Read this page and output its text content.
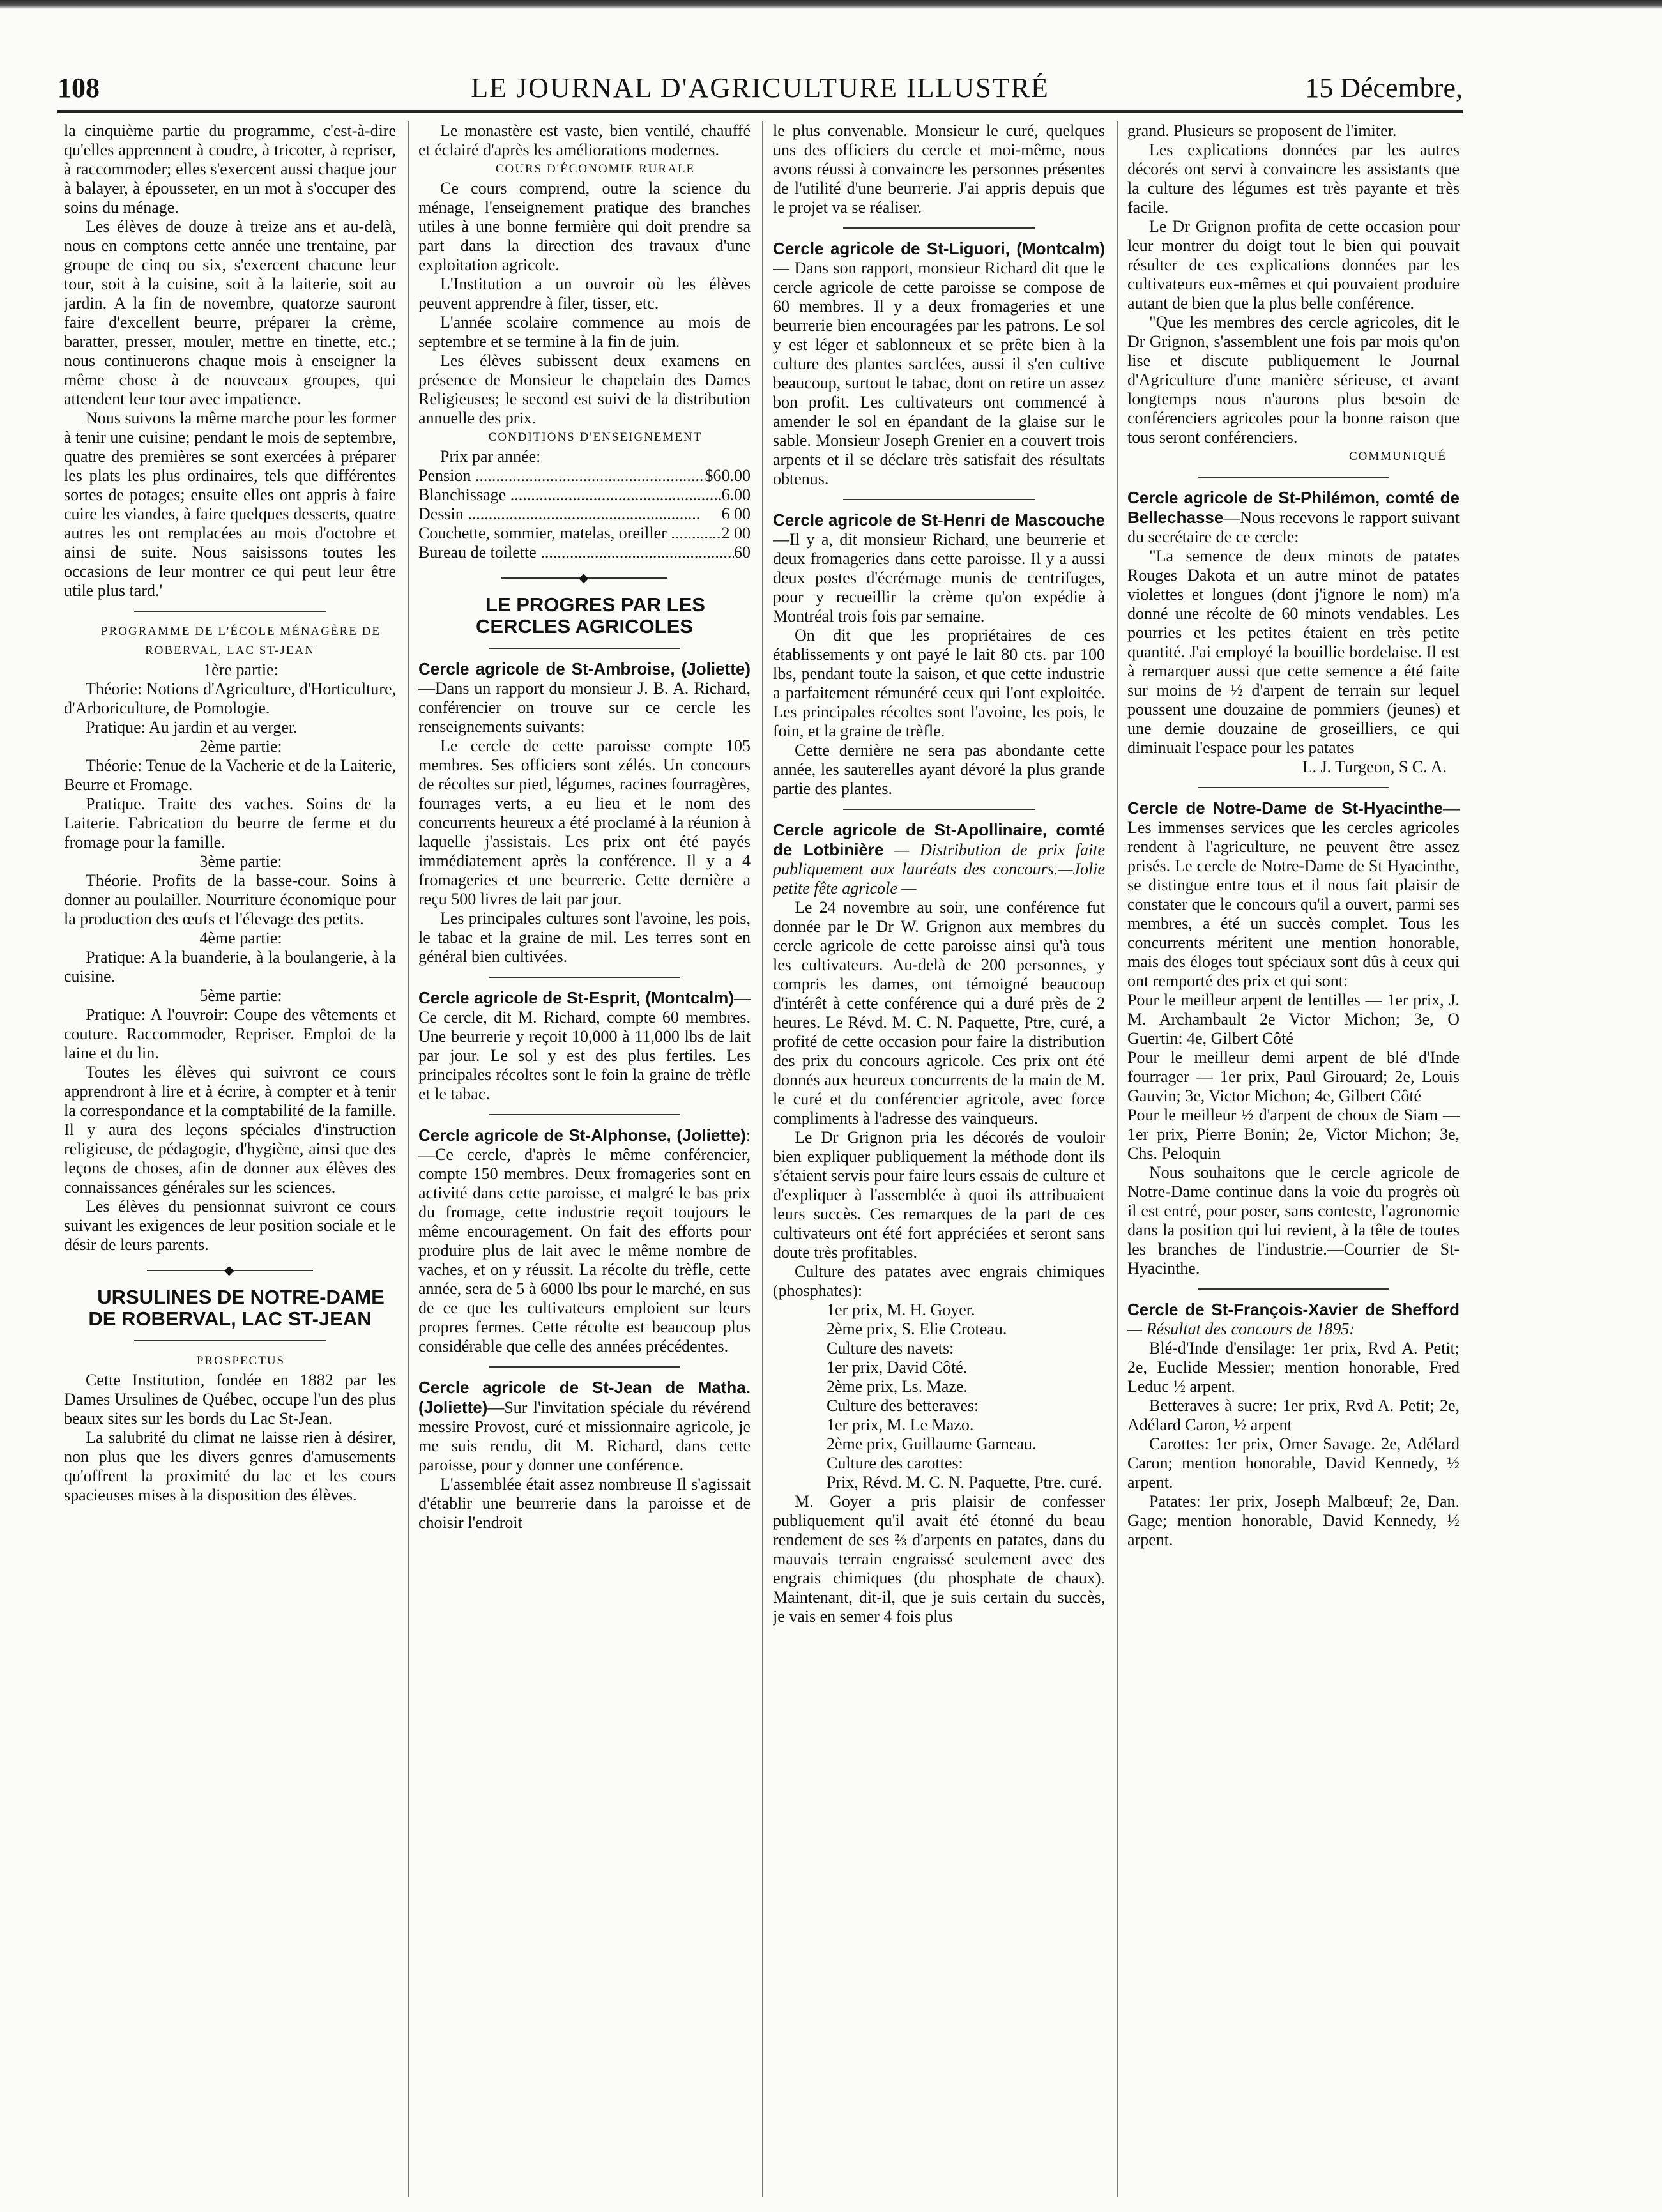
108	LE JOURNAL D'AGRICULTURE ILLUSTRÉ	15 Décembre,

la cinquième partie du programme, c'est-à-dire qu'elles apprennent à coudre, à tricoter, à repriser, à raccommoder; elles s'exercent aussi chaque jour à balayer, à épousseter, en un mot à s'occuper des soins du ménage.

Les élèves de douze à treize ans et au-delà, nous en comptons cette année une trentaine, par groupe de cinq ou six, s'exercent chacune leur tour, soit à la cuisine, soit à la laiterie, soit au jardin. A la fin de novembre, quatorze sauront faire d'excellent beurre, préparer la crème, baratter, presser, mouler, mettre en tinette, etc.; nous continuerons chaque mois à enseigner la même chose à de nouveaux groupes, qui attendent leur tour avec impatience.

Nous suivons la même marche pour les former à tenir une cuisine; pendant le mois de septembre, quatre des premières se sont exercées à préparer les plats les plus ordinaires, tels que différentes sortes de potages; ensuite elles ont appris à faire cuire les viandes, à faire quelques desserts, quatre autres les ont remplacées au mois d'octobre et ainsi de suite. Nous saisissons toutes les occasions de leur montrer ce qui peut leur être utile plus tard.'

PROGRAMME DE L'ÉCOLE MÉNAGÈRE DE ROBERVAL, LAC ST-JEAN

1ère partie:

Théorie: Notions d'Agriculture, d'Horticulture, d'Arboriculture, de Pomologie.

Pratique: Au jardin et au verger.

2ème partie:

Théorie: Tenue de la Vacherie et de la Laiterie, Beurre et Fromage.

Pratique. Traite des vaches. Soins de la Laiterie. Fabrication du beurre de ferme et du fromage pour la famille.

3ème partie:

Théorie. Profits de la basse-cour. Soins à donner au poulailler. Nourriture économique pour la production des œufs et l'élevage des petits.

4ème partie:

Pratique: A la buanderie, à la boulangerie, à la cuisine.

5ème partie:

Pratique: A l'ouvroir: Coupe des vêtements et couture. Raccommoder, Repriser. Emploi de la laine et du lin.

Toutes les élèves qui suivront ce cours apprendront à lire et à écrire, à compter et à tenir la correspondance et la comptabilité de la famille. Il y aura des leçons spéciales d'instruction religieuse, de pédagogie, d'hygiène, ainsi que des leçons de choses, afin de donner aux élèves des connaissances générales sur les sciences.

Les élèves du pensionnat suivront ce cours suivant les exigences de leur position sociale et le désir de leurs parents.

◆

URSULINES DE NOTRE-DAME DE ROBERVAL, LAC ST-JEAN

PROSPECTUS

Cette Institution, fondée en 1882 par les Dames Ursulines de Québec, occupe l'un des plus beaux sites sur les bords du Lac St-Jean.

La salubrité du climat ne laisse rien à désirer, non plus que les divers genres d'amusements qu'offrent la proximité du lac et les cours spacieuses mises à la disposition des élèves.

Le monastère est vaste, bien ventilé, chauffé et éclairé d'après les améliorations modernes.

COURS D'ÉCONOMIE RURALE

Ce cours comprend, outre la science du ménage, l'enseignement pratique des branches utiles à une bonne fermière qui doit prendre sa part dans la direction des travaux d'une exploitation agricole.

L'Institution a un ouvroir où les élèves peuvent apprendre à filer, tisser, etc.

L'année scolaire commence au mois de septembre et se termine à la fin de juin.

Les élèves subissent deux examens en présence de Monsieur le chapelain des Dames Religieuses; le second est suivi de la distribution annuelle des prix.

CONDITIONS D'ENSEIGNEMENT

Prix par année:

Pension .....	$60.00
Blanchissage .....	6.00
Dessin .....	6 00
Couchette, sommier, matelas, oreiller .....	2 00
Bureau de toilette .....	60
◆

LE PROGRES PAR LES CERCLES AGRICOLES

Cercle agricole de St-Ambroise, (Joliette)—Dans un rapport du monsieur J. B. A. Richard, conférencier on trouve sur ce cercle les renseignements suivants:

Le cercle de cette paroisse compte 105 membres. Ses officiers sont zélés. Un concours de récoltes sur pied, légumes, racines fourragères, fourrages verts, a eu lieu et le nom des concurrents heureux a été proclamé à la réunion à laquelle j'assistais. Les prix ont été payés immédiatement après la conférence. Il y a 4 fromageries et une beurrerie. Cette dernière a reçu 500 livres de lait par jour.

Les principales cultures sont l'avoine, les pois, le tabac et la graine de mil. Les terres sont en général bien cultivées.

Cercle agricole de St-Esprit, (Montcalm)—Ce cercle, dit M. Richard, compte 60 membres. Une beurrerie y reçoit 10,000 à 11,000 lbs de lait par jour. Le sol y est des plus fertiles. Les principales récoltes sont le foin la graine de trèfle et le tabac.

Cercle agricole de St-Alphonse, (Joliette):—Ce cercle, d'après le même conférencier, compte 150 membres. Deux fromageries sont en activité dans cette paroisse, et malgré le bas prix du fromage, cette industrie reçoit toujours le même encouragement. On fait des efforts pour produire plus de lait avec le même nombre de vaches, et on y réussit. La récolte du trèfle, cette année, sera de 5 à 6000 lbs pour le marché, en sus de ce que les cultivateurs emploient sur leurs propres fermes. Cette récolte est beaucoup plus considérable que celle des années précédentes.

Cercle agricole de St-Jean de Matha. (Joliette)—Sur l'invitation spéciale du révérend messire Provost, curé et missionnaire agricole, je me suis rendu, dit M. Richard, dans cette paroisse, pour y donner une conférence.

L'assemblée était assez nombreuse Il s'agissait d'établir une beurrerie dans la paroisse et de choisir l'endroit

le plus convenable. Monsieur le curé, quelques uns des officiers du cercle et moi-même, nous avons réussi à convaincre les personnes présentes de l'utilité d'une beurrerie. J'ai appris depuis que le projet va se réaliser.

Cercle agricole de St-Liguori, (Montcalm)— Dans son rapport, monsieur Richard dit que le cercle agricole de cette paroisse se compose de 60 membres. Il y a deux fromageries et une beurrerie bien encouragées par les patrons. Le sol y est léger et sablonneux et se prête bien à la culture des plantes sarclées, aussi il s'en cultive beaucoup, surtout le tabac, dont on retire un assez bon profit. Les cultivateurs ont commencé à amender le sol en épandant de la glaise sur le sable. Monsieur Joseph Grenier en a couvert trois arpents et il se déclare très satisfait des résultats obtenus.

Cercle agricole de St-Henri de Mascouche—Il y a, dit monsieur Richard, une beurrerie et deux fromageries dans cette paroisse. Il y a aussi deux postes d'écrémage munis de centrifuges, pour y recueillir la crème qu'on expédie à Montréal trois fois par semaine.

On dit que les propriétaires de ces établissements y ont payé le lait 80 cts. par 100 lbs, pendant toute la saison, et que cette industrie a parfaitement rémunéré ceux qui l'ont exploitée. Les principales récoltes sont l'avoine, les pois, le foin, et la graine de trèfle.

Cette dernière ne sera pas abondante cette année, les sauterelles ayant dévoré la plus grande partie des plantes.

Cercle agricole de St-Apollinaire, comté de Lotbinière — Distribution de prix faite publiquement aux lauréats des concours.—Jolie petite fête agricole —

Le 24 novembre au soir, une conférence fut donnée par le Dr W. Grignon aux membres du cercle agricole de cette paroisse ainsi qu'à tous les cultivateurs. Au-delà de 200 personnes, y compris les dames, ont témoigné beaucoup d'intérêt à cette conférence qui a duré près de 2 heures. Le Révd. M. C. N. Paquette, Ptre, curé, a profité de cette occasion pour faire la distribution des prix du concours agricole. Ces prix ont été donnés aux heureux concurrents de la main de M. le curé et du conférencier agricole, avec force compliments à l'adresse des vainqueurs.

Le Dr Grignon pria les décorés de vouloir bien expliquer publiquement la méthode dont ils s'étaient servis pour faire leurs essais de culture et d'expliquer à l'assemblée à quoi ils attribuaient leurs succès. Ces remarques de la part de ces cultivateurs ont été fort appréciées et seront sans doute très profitables.

Culture des patates avec engrais chimiques (phosphates):

1er prix, M. H. Goyer.

2ème prix, S. Elie Croteau.

Culture des navets:

1er prix, David Côté.

2ème prix, Ls. Maze.

Culture des betteraves:

1er prix, M. Le Mazo.

2ème prix, Guillaume Garneau.

Culture des carottes:

Prix, Révd. M. C. N. Paquette, Ptre. curé.

M. Goyer a pris plaisir de confesser publiquement qu'il avait été étonné du beau rendement de ses ⅔ d'arpents en patates, dans du mauvais terrain engraissé seulement avec des engrais chimiques (du phosphate de chaux). Maintenant, dit-il, que je suis certain du succès, je vais en semer 4 fois plus

grand. Plusieurs se proposent de l'imiter.

Les explications données par les autres décorés ont servi à convaincre les assistants que la culture des légumes est très payante et très facile.

Le Dr Grignon profita de cette occasion pour leur montrer du doigt tout le bien qui pouvait résulter de ces explications données par les cultivateurs eux-mêmes et qui pouvaient produire autant de bien que la plus belle conférence.

"Que les membres des cercle agricoles, dit le Dr Grignon, s'assemblent une fois par mois qu'on lise et discute publiquement le Journal d'Agriculture d'une manière sérieuse, et avant longtemps nous n'aurons plus besoin de conférenciers agricoles pour la bonne raison que tous seront conférenciers.

COMMUNIQUÉ

Cercle agricole de St-Philémon, comté de Bellechasse—Nous recevons le rapport suivant du secrétaire de ce cercle:

"La semence de deux minots de patates Rouges Dakota et un autre minot de patates violettes et longues (dont j'ignore le nom) m'a donné une récolte de 60 minots vendables. Les pourries et les petites étaient en très petite quantité. J'ai employé la bouillie bordelaise. Il est à remarquer aussi que cette semence a été faite sur moins de ½ d'arpent de terrain sur lequel poussent une douzaine de pommiers (jeunes) et une demie douzaine de groseilliers, ce qui diminuait l'espace pour les patates

L. J. Turgeon, S C. A.

Cercle de Notre-Dame de St-Hyacinthe—Les immenses services que les cercles agricoles rendent à l'agriculture, ne peuvent être assez prisés. Le cercle de Notre-Dame de St Hyacinthe, se distingue entre tous et il nous fait plaisir de constater que le concours qu'il a ouvert, parmi ses membres, a été un succès complet. Tous les concurrents méritent une mention honorable, mais des éloges tout spéciaux sont dûs à ceux qui ont remporté des prix et qui sont:

Pour le meilleur arpent de lentilles — 1er prix, J. M. Archambault 2e Victor Michon; 3e, O Guertin: 4e, Gilbert Côté

Pour le meilleur demi arpent de blé d'Inde fourrager — 1er prix, Paul Girouard; 2e, Louis Gauvin; 3e, Victor Michon; 4e, Gilbert Côté

Pour le meilleur ½ d'arpent de choux de Siam — 1er prix, Pierre Bonin; 2e, Victor Michon; 3e, Chs. Peloquin

Nous souhaitons que le cercle agricole de Notre-Dame continue dans la voie du progrès où il est entré, pour poser, sans conteste, l'agronomie dans la position qui lui revient, à la tête de toutes les branches de l'industrie.—Courrier de St-Hyacinthe.

Cercle de St-François-Xavier de Shefford — Résultat des concours de 1895:

Blé-d'Inde d'ensilage: 1er prix, Rvd A. Petit; 2e, Euclide Messier; mention honorable, Fred Leduc ½ arpent.

Betteraves à sucre: 1er prix, Rvd A. Petit; 2e, Adélard Caron, ½ arpent

Carottes: 1er prix, Omer Savage. 2e, Adélard Caron; mention honorable, David Kennedy, ½ arpent.

Patates: 1er prix, Joseph Malbœuf; 2e, Dan. Gage; mention honorable, David Kennedy, ½ arpent.
